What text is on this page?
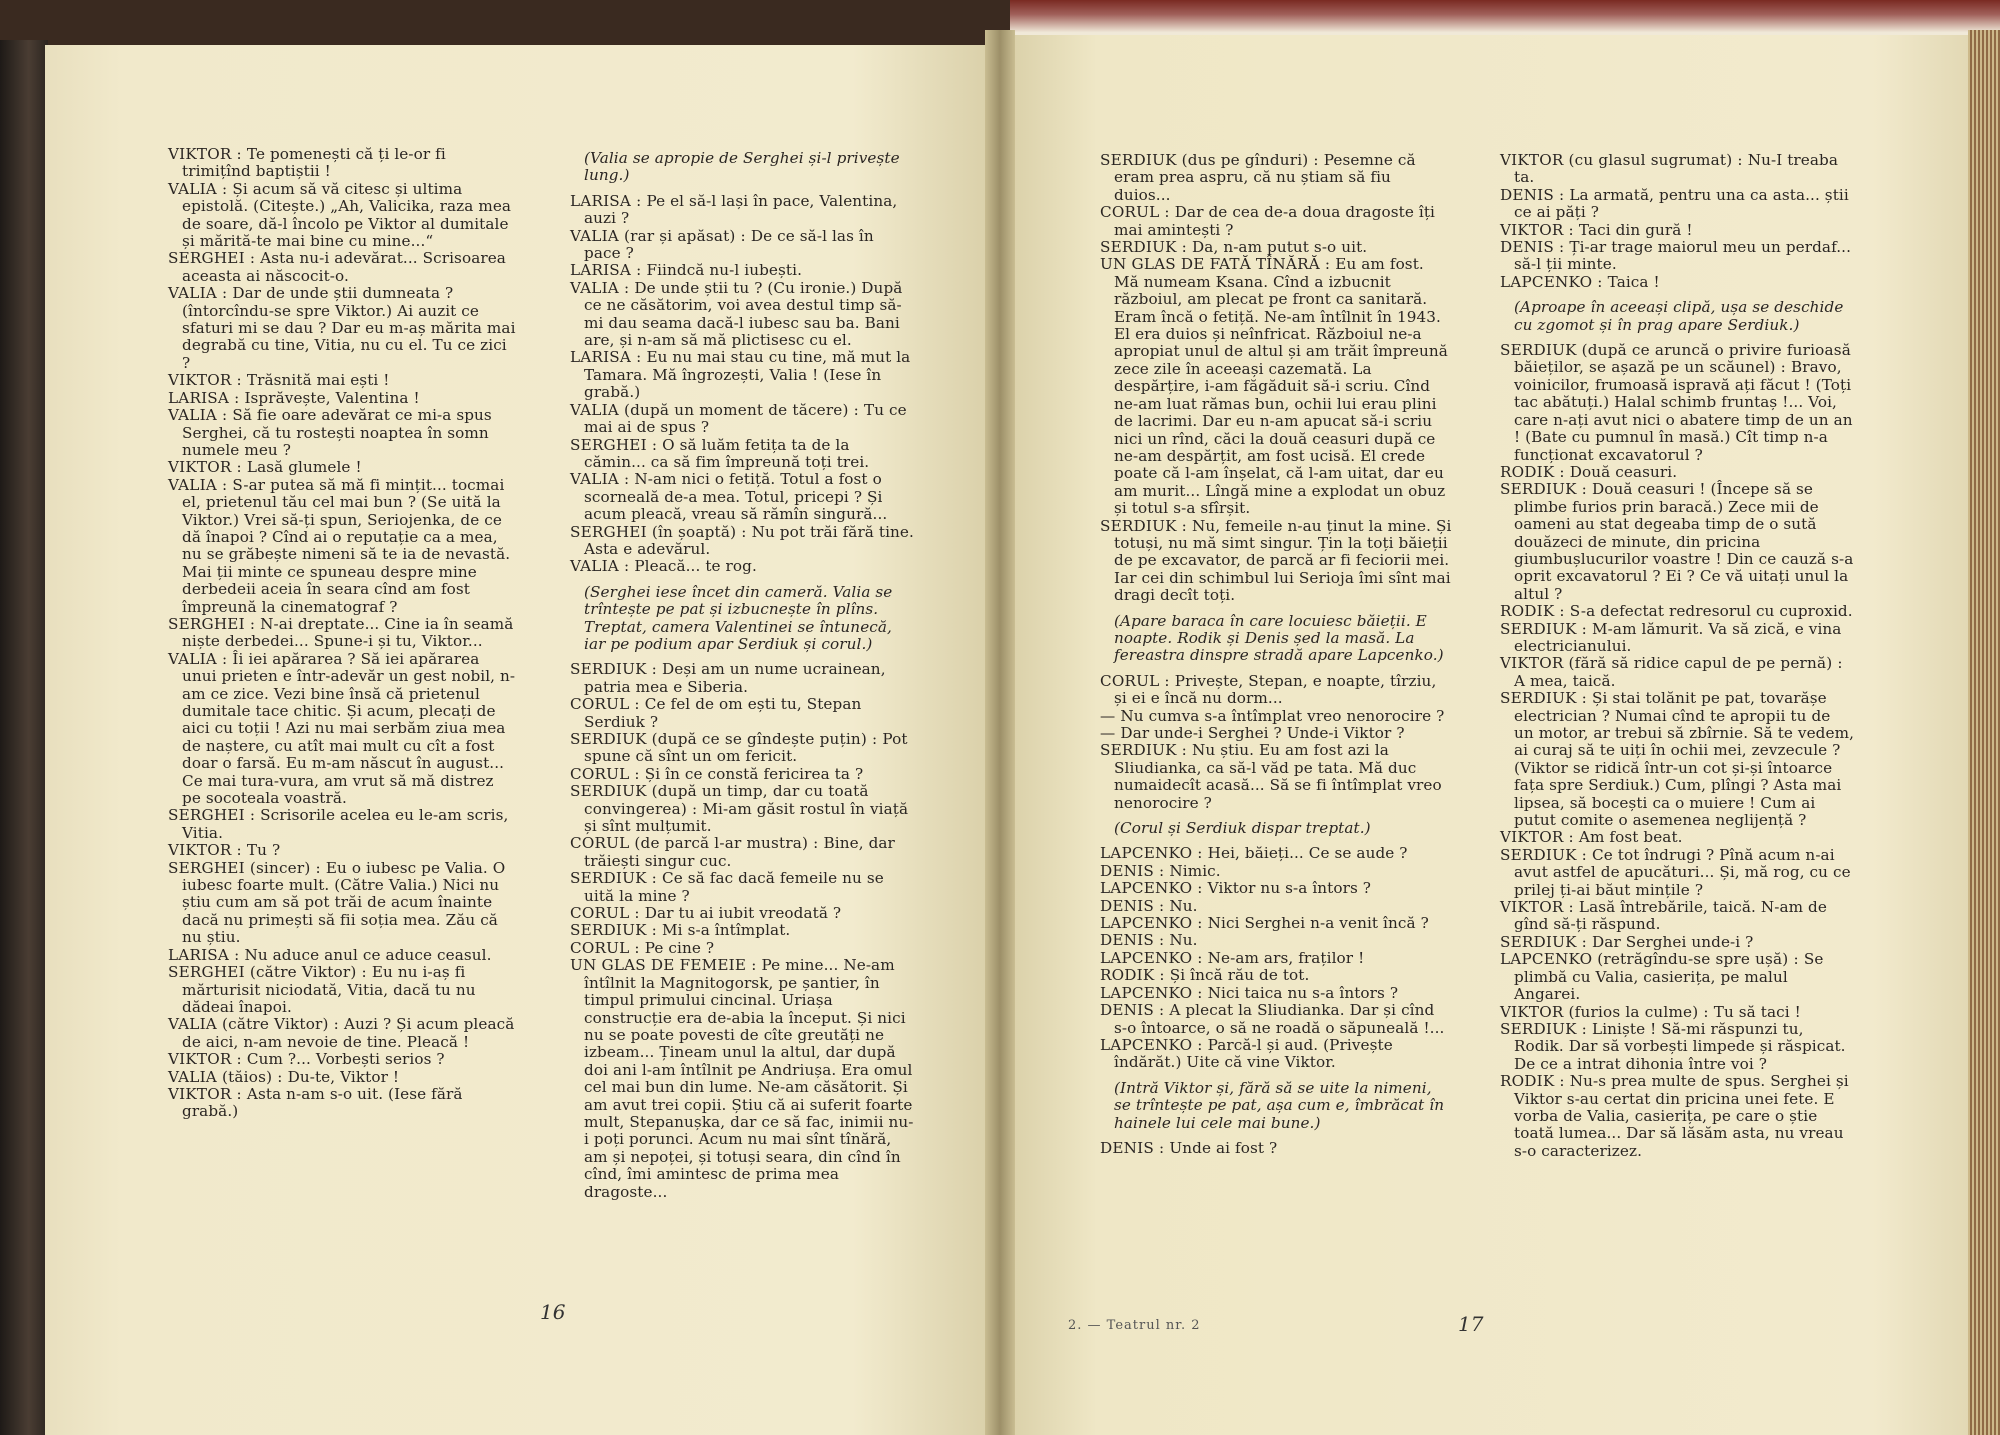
VIKTOR : Te pomenești că ți le-or fi trimițînd baptiștii !

VALIA : Și acum să vă citesc și ultima epistolă. (Citește.) „Ah, Valicika, raza mea de soare, dă-l încolo pe Viktor al dumitale și mărită-te mai bine cu mine...“

SERGHEI : Asta nu-i adevărat... Scrisoarea aceasta ai născocit-o.

VALIA : Dar de unde știi dumneata ? (întorcîndu-se spre Viktor.) Ai auzit ce sfaturi mi se dau ? Dar eu m-aș mărita mai degrabă cu tine, Vitia, nu cu el. Tu ce zici ?

VIKTOR : Trăsnită mai ești !

LARISA : Isprăvește, Valentina !

VALIA : Să fie oare adevărat ce mi-a spus Serghei, că tu rostești noaptea în somn numele meu ?

VIKTOR : Lasă glumele !

VALIA : S-ar putea să mă fi mințit... tocmai el, prietenul tău cel mai bun ? (Se uită la Viktor.) Vrei să-ți spun, Seriojenka, de ce dă înapoi ? Cînd ai o reputație ca a mea, nu se grăbește nimeni să te ia de nevastă. Mai ții minte ce spuneau despre mine derbedeii aceia în seara cînd am fost împreună la cinematograf ?

SERGHEI : N-ai dreptate... Cine ia în seamă niște derbedei... Spune-i și tu, Viktor...

VALIA : Îi iei apărarea ? Să iei apărarea unui prieten e într-adevăr un gest nobil, n-am ce zice. Vezi bine însă că prietenul dumitale tace chitic. Și acum, plecați de aici cu toții ! Azi nu mai serbăm ziua mea de naștere, cu atît mai mult cu cît a fost doar o farsă. Eu m-am născut în august... Ce mai tura-vura, am vrut să mă distrez pe socoteala voastră.

SERGHEI : Scrisorile acelea eu le-am scris, Vitia.

VIKTOR : Tu ?

SERGHEI (sincer) : Eu o iubesc pe Valia. O iubesc foarte mult. (Către Valia.) Nici nu știu cum am să pot trăi de acum înainte dacă nu primești să fii soția mea. Zău că nu știu.

LARISA : Nu aduce anul ce aduce ceasul.

SERGHEI (către Viktor) : Eu nu i-aș fi mărturisit niciodată, Vitia, dacă tu nu dădeai înapoi.

VALIA (către Viktor) : Auzi ? Și acum pleacă de aici, n-am nevoie de tine. Pleacă !

VIKTOR : Cum ?... Vorbești serios ?

VALIA (tăios) : Du-te, Viktor !

VIKTOR : Asta n-am s-o uit. (Iese fără grabă.)

(Valia se apropie de Serghei și-l privește lung.)

LARISA : Pe el să-l lași în pace, Valentina, auzi ?

VALIA (rar și apăsat) : De ce să-l las în pace ?

LARISA : Fiindcă nu-l iubești.

VALIA : De unde știi tu ? (Cu ironie.) După ce ne căsătorim, voi avea destul timp să-mi dau seama dacă-l iubesc sau ba. Bani are, și n-am să mă plictisesc cu el.

LARISA : Eu nu mai stau cu tine, mă mut la Tamara. Mă îngrozești, Valia ! (Iese în grabă.)

VALIA (după un moment de tăcere) : Tu ce mai ai de spus ?

SERGHEI : O să luăm fetița ta de la cămin... ca să fim împreună toți trei.

VALIA : N-am nici o fetiță. Totul a fost o scorneală de-a mea. Totul, pricepi ? Și acum pleacă, vreau să rămîn singură...

SERGHEI (în șoaptă) : Nu pot trăi fără tine. Asta e adevărul.

VALIA : Pleacă... te rog.

(Serghei iese încet din cameră. Valia se trîntește pe pat și izbucnește în plîns. Treptat, camera Valentinei se întunecă, iar pe podium apar Serdiuk și corul.)

SERDIUK : Deși am un nume ucrainean, patria mea e Siberia.

CORUL : Ce fel de om ești tu, Stepan Serdiuk ?

SERDIUK (după ce se gîndește puțin) : Pot spune că sînt un om fericit.

CORUL : Și în ce constă fericirea ta ?

SERDIUK (după un timp, dar cu toată convingerea) : Mi-am găsit rostul în viață și sînt mulțumit.

CORUL (de parcă l-ar mustra) : Bine, dar trăiești singur cuc.

SERDIUK : Ce să fac dacă femeile nu se uită la mine ?

CORUL : Dar tu ai iubit vreodată ?

SERDIUK : Mi s-a întîmplat.

CORUL : Pe cine ?

UN GLAS DE FEMEIE : Pe mine... Ne-am întîlnit la Magnitogorsk, pe șantier, în timpul primului cincinal. Uriașa construcție era de-abia la început. Și nici nu se poate povesti de cîte greutăți ne izbeam... Țineam unul la altul, dar după doi ani l-am întîlnit pe Andriușa. Era omul cel mai bun din lume. Ne-am căsătorit. Și am avut trei copii. Știu că ai suferit foarte mult, Stepanușka, dar ce să fac, inimii nu-i poți porunci. Acum nu mai sînt tînără, am și nepoței, și totuși seara, din cînd în cînd, îmi amintesc de prima mea dragoste...

SERDIUK (dus pe gînduri) : Pesemne că eram prea aspru, că nu știam să fiu duios...

CORUL : Dar de cea de-a doua dragoste îți mai amintești ?

SERDIUK : Da, n-am putut s-o uit.

UN GLAS DE FATĂ TÎNĂRĂ : Eu am fost. Mă numeam Ksana. Cînd a izbucnit războiul, am plecat pe front ca sanitară. Eram încă o fetiță. Ne-am întîlnit în 1943. El era duios și neînfricat. Războiul ne-a apropiat unul de altul și am trăit împreună zece zile în aceeași cazemată. La despărțire, i-am făgăduit să-i scriu. Cînd ne-am luat rămas bun, ochii lui erau plini de lacrimi. Dar eu n-am apucat să-i scriu nici un rînd, căci la două ceasuri după ce ne-am despărțit, am fost ucisă. El crede poate că l-am înșelat, că l-am uitat, dar eu am murit... Lîngă mine a explodat un obuz și totul s-a sfîrșit.

SERDIUK : Nu, femeile n-au ținut la mine. Și totuși, nu mă simt singur. Țin la toți băieții de pe excavator, de parcă ar fi feciorii mei. Iar cei din schimbul lui Serioja îmi sînt mai dragi decît toți.

(Apare baraca în care locuiesc băieții. E noapte. Rodik și Denis șed la masă. La fereastra dinspre stradă apare Lapcenko.)

CORUL : Privește, Stepan, e noapte, tîrziu, și ei e încă nu dorm...

— Nu cumva s-a întîmplat vreo nenorocire ?

— Dar unde-i Serghei ? Unde-i Viktor ?

SERDIUK : Nu știu. Eu am fost azi la Sliudianka, ca să-l văd pe tata. Mă duc numaidecît acasă... Să se fi întîmplat vreo nenorocire ?

(Corul și Serdiuk dispar treptat.)

LAPCENKO : Hei, băieți... Ce se aude ?

DENIS : Nimic.

LAPCENKO : Viktor nu s-a întors ?

DENIS : Nu.

LAPCENKO : Nici Serghei n-a venit încă ?

DENIS : Nu.

LAPCENKO : Ne-am ars, fraților !

RODIK : Și încă rău de tot.

LAPCENKO : Nici taica nu s-a întors ?

DENIS : A plecat la Sliudianka. Dar și cînd s-o întoarce, o să ne roadă o săpuneală !...

LAPCENKO : Parcă-l și aud. (Privește îndărăt.) Uite că vine Viktor.

(Intră Viktor și, fără să se uite la nimeni, se trîntește pe pat, așa cum e, îmbrăcat în hainele lui cele mai bune.)

DENIS : Unde ai fost ?

VIKTOR (cu glasul sugrumat) : Nu-I treaba ta.

DENIS : La armată, pentru una ca asta... știi ce ai păți ?

VIKTOR : Taci din gură !

DENIS : Ți-ar trage maiorul meu un perdaf... să-l ții minte.

LAPCENKO : Taica !

(Aproape în aceeași clipă, ușa se deschide cu zgomot și în prag apare Serdiuk.)

SERDIUK (după ce aruncă o privire furioasă băieților, se așază pe un scăunel) : Bravo, voinicilor, frumoasă ispravă ați făcut ! (Toți tac abătuți.) Halal schimb fruntaș !... Voi, care n-ați avut nici o abatere timp de un an ! (Bate cu pumnul în masă.) Cît timp n-a funcționat excavatorul ?

RODIK : Două ceasuri.

SERDIUK : Două ceasuri ! (Începe să se plimbe furios prin baracă.) Zece mii de oameni au stat degeaba timp de o sută douăzeci de minute, din pricina giumbușlucurilor voastre ! Din ce cauză s-a oprit excavatorul ? Ei ? Ce vă uitați unul la altul ?

RODIK : S-a defectat redresorul cu cuproxid.

SERDIUK : M-am lămurit. Va să zică, e vina electricianului.

VIKTOR (fără să ridice capul de pe pernă) : A mea, taică.

SERDIUK : Și stai tolănit pe pat, tovarășe electrician ? Numai cînd te apropii tu de un motor, ar trebui să zbîrnie. Să te vedem, ai curaj să te uiți în ochii mei, zevzecule ? (Viktor se ridică într-un cot și-și întoarce fața spre Serdiuk.) Cum, plîngi ? Asta mai lipsea, să bocești ca o muiere ! Cum ai putut comite o asemenea neglijență ?

VIKTOR : Am fost beat.

SERDIUK : Ce tot îndrugi ? Pînă acum n-ai avut astfel de apucături... Și, mă rog, cu ce prilej ți-ai băut mințile ?

VIKTOR : Lasă întrebările, taică. N-am de gînd să-ți răspund.

SERDIUK : Dar Serghei unde-i ?

LAPCENKO (retrăgîndu-se spre ușă) : Se plimbă cu Valia, casierița, pe malul Angarei.

VIKTOR (furios la culme) : Tu să taci !

SERDIUK : Liniște ! Să-mi răspunzi tu, Rodik. Dar să vorbești limpede și răspicat. De ce a intrat dihonia între voi ?

RODIK : Nu-s prea multe de spus. Serghei și Viktor s-au certat din pricina unei fete. E vorba de Valia, casierița, pe care o știe toată lumea... Dar să lăsăm asta, nu vreau s-o caracterizez.

16
2. — Teatrul nr. 2	17
